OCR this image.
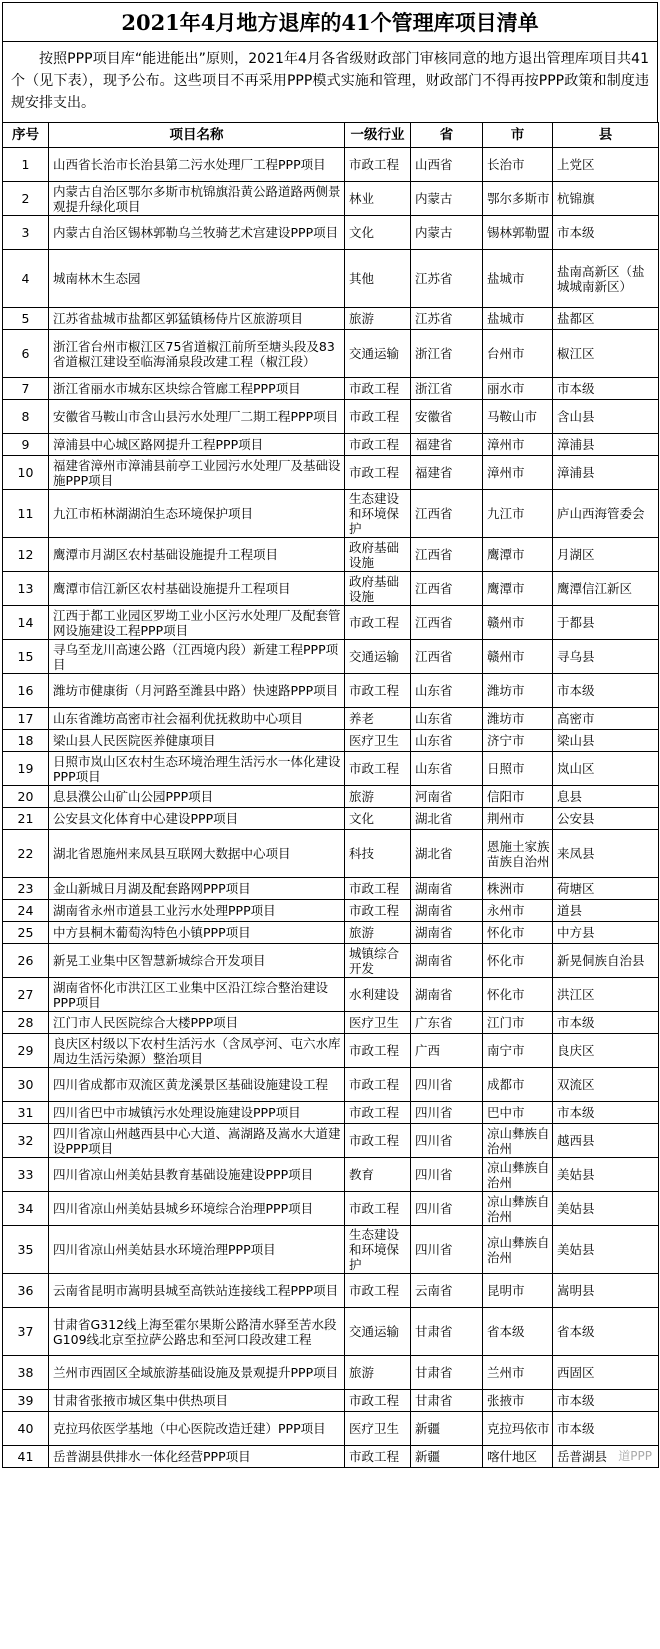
2021年4月地方退库的41个管理库项目清单
按照PPP项目库“能进能出”原则，2021年4月各省级财政部门审核同意的地方退出管理库项目共41个（见下表），现予公布。这些项目不再采用PPP模式实施和管理，财政部门不得再按PPP政策和制度违规安排支出。
序号	项目名称	一级行业	省	市	县
1	山西省长治市长治县第二污水处理厂工程PPP项目	市政工程	山西省	长治市	上党区
2	内蒙古自治区鄂尔多斯市杭锦旗沿黄公路道路两侧景观提升绿化项目	林业	内蒙古	鄂尔多斯市	杭锦旗
3	内蒙古自治区锡林郭勒乌兰牧骑艺术宫建设PPP项目	文化	内蒙古	锡林郭勒盟	市本级
4	城南林木生态园	其他	江苏省	盐城市	盐南高新区（盐城城南新区）
5	江苏省盐城市盐都区郭猛镇杨侍片区旅游项目	旅游	江苏省	盐城市	盐都区
6	浙江省台州市椒江区75省道椒江前所至塘头段及83省道椒江建设至临海涌泉段改建工程（椒江段）	交通运输	浙江省	台州市	椒江区
7	浙江省丽水市城东区块综合管廊工程PPP项目	市政工程	浙江省	丽水市	市本级
8	安徽省马鞍山市含山县污水处理厂二期工程PPP项目	市政工程	安徽省	马鞍山市	含山县
9	漳浦县中心城区路网提升工程PPP项目	市政工程	福建省	漳州市	漳浦县
10	福建省漳州市漳浦县前亭工业园污水处理厂及基础设施PPP项目	市政工程	福建省	漳州市	漳浦县
11	九江市柘林湖湖泊生态环境保护项目	生态建设和环境保护	江西省	九江市	庐山西海管委会
12	鹰潭市月湖区农村基础设施提升工程项目	政府基础设施	江西省	鹰潭市	月湖区
13	鹰潭市信江新区农村基础设施提升工程项目	政府基础设施	江西省	鹰潭市	鹰潭信江新区
14	江西于都工业园区罗坳工业小区污水处理厂及配套管网设施建设工程PPP项目	市政工程	江西省	赣州市	于都县
15	寻乌至龙川高速公路（江西境内段）新建工程PPP项目	交通运输	江西省	赣州市	寻乌县
16	潍坊市健康街（月河路至潍县中路）快速路PPP项目	市政工程	山东省	潍坊市	市本级
17	山东省潍坊高密市社会福利优抚救助中心项目	养老	山东省	潍坊市	高密市
18	梁山县人民医院医养健康项目	医疗卫生	山东省	济宁市	梁山县
19	日照市岚山区农村生态环境治理生活污水一体化建设PPP项目	市政工程	山东省	日照市	岚山区
20	息县濮公山矿山公园PPP项目	旅游	河南省	信阳市	息县
21	公安县文化体育中心建设PPP项目	文化	湖北省	荆州市	公安县
22	湖北省恩施州来凤县互联网大数据中心项目	科技	湖北省	恩施土家族苗族自治州	来凤县
23	金山新城日月湖及配套路网PPP项目	市政工程	湖南省	株洲市	荷塘区
24	湖南省永州市道县工业污水处理PPP项目	市政工程	湖南省	永州市	道县
25	中方县桐木葡萄沟特色小镇PPP项目	旅游	湖南省	怀化市	中方县
26	新晃工业集中区智慧新城综合开发项目	城镇综合开发	湖南省	怀化市	新晃侗族自治县
27	湖南省怀化市洪江区工业集中区沿江综合整治建设PPP项目	水利建设	湖南省	怀化市	洪江区
28	江门市人民医院综合大楼PPP项目	医疗卫生	广东省	江门市	市本级
29	良庆区村级以下农村生活污水（含凤亭河、屯六水库周边生活污染源）整治项目	市政工程	广西	南宁市	良庆区
30	四川省成都市双流区黄龙溪景区基础设施建设工程	市政工程	四川省	成都市	双流区
31	四川省巴中市城镇污水处理设施建设PPP项目	市政工程	四川省	巴中市	市本级
32	四川省凉山州越西县中心大道、嵩湖路及嵩水大道建设PPP项目	市政工程	四川省	凉山彝族自治州	越西县
33	四川省凉山州美姑县教育基础设施建设PPP项目	教育	四川省	凉山彝族自治州	美姑县
34	四川省凉山州美姑县城乡环境综合治理PPP项目	市政工程	四川省	凉山彝族自治州	美姑县
35	四川省凉山州美姑县水环境治理PPP项目	生态建设和环境保护	四川省	凉山彝族自治州	美姑县
36	云南省昆明市嵩明县城至高铁站连接线工程PPP项目	市政工程	云南省	昆明市	嵩明县
37	甘肃省G312线上海至霍尔果斯公路清水驿至苦水段 G109线北京至拉萨公路忠和至河口段改建工程	交通运输	甘肃省	省本级	省本级
38	兰州市西固区全域旅游基础设施及景观提升PPP项目	旅游	甘肃省	兰州市	西固区
39	甘肃省张掖市城区集中供热项目	市政工程	甘肃省	张掖市	市本级
40	克拉玛依医学基地（中心医院改造迁建）PPP项目	医疗卫生	新疆	克拉玛依市	市本级
41	岳普湖县供排水一体化经营PPP项目	市政工程	新疆	喀什地区	岳普湖县 道PPP
